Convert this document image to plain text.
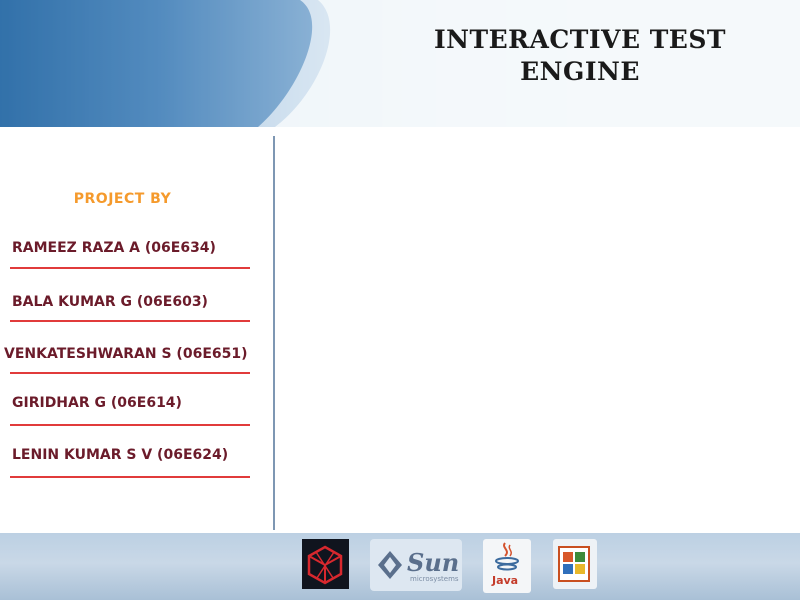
INTERACTIVE TEST
ENGINE
PROJECT BY
RAMEEZ RAZA A (06E634)
BALA KUMAR G (06E603)
VENKATESHWARAN S (06E651)
GIRIDHAR G (06E614)
LENIN KUMAR S V (06E624)
Sun
microsystems	Java
